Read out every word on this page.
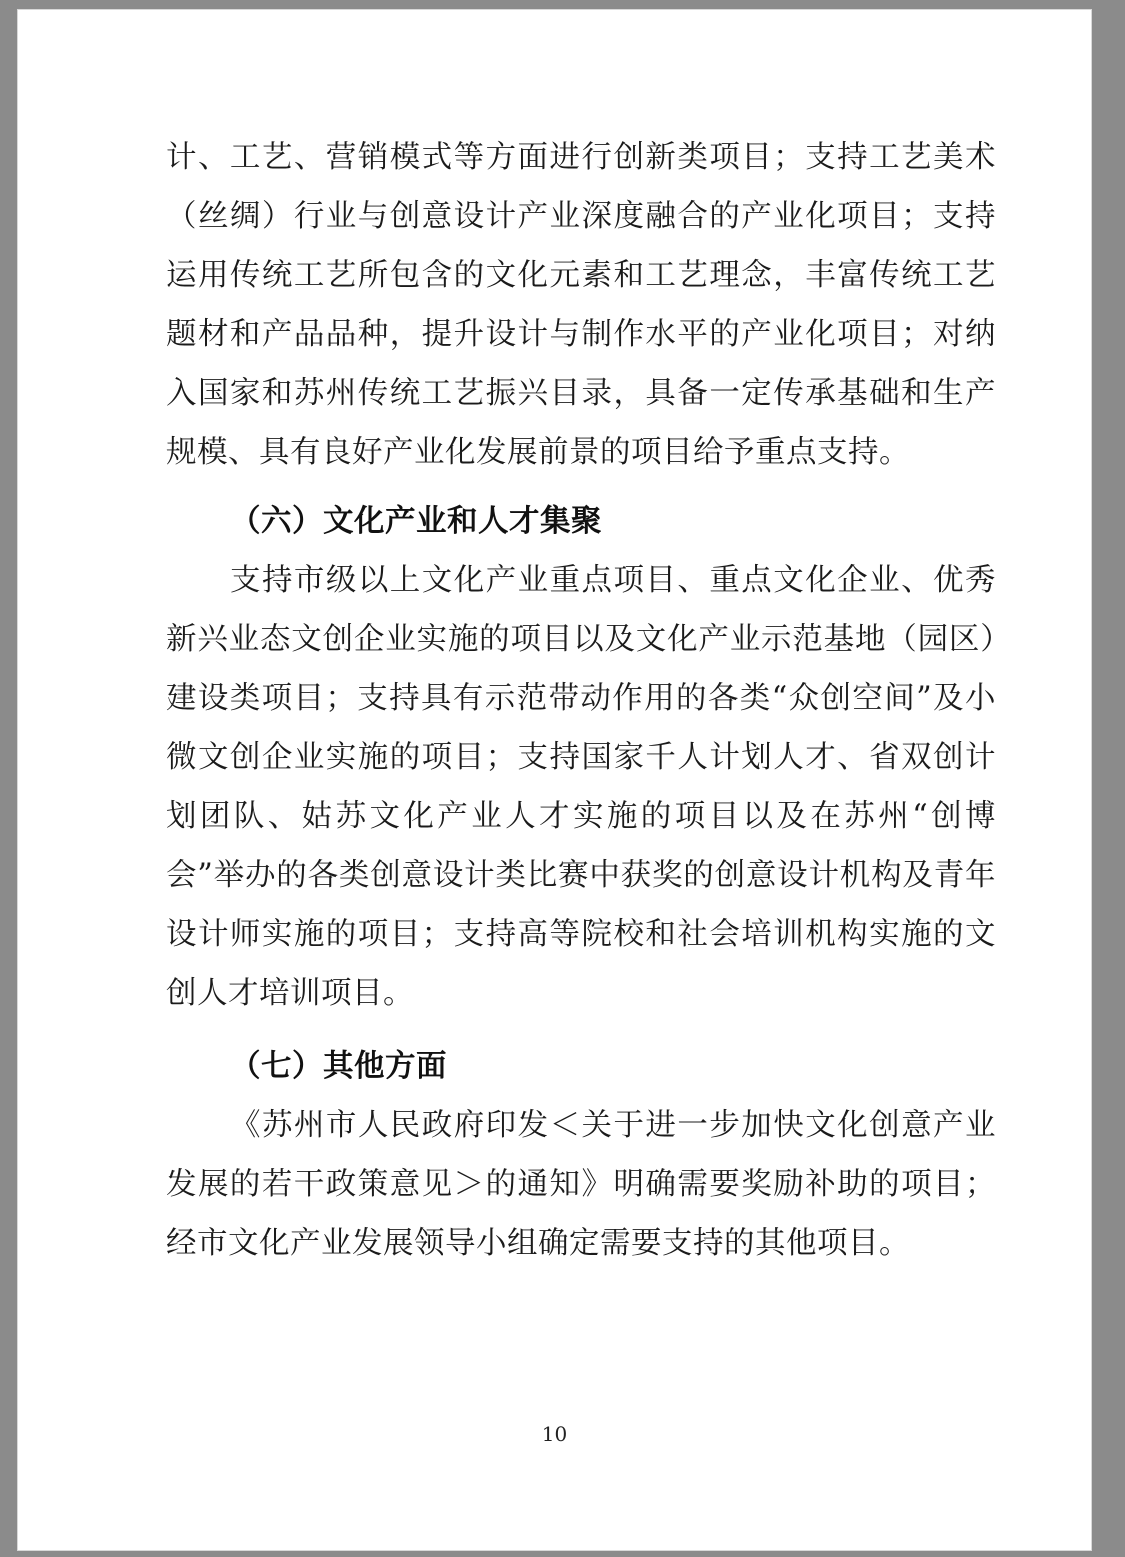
计、工艺、营销模式等方面进行创新类项目；支持工艺美术（丝绸）行业与创意设计产业深度融合的产业化项目；支持运用传统工艺所包含的文化元素和工艺理念，丰富传统工艺题材和产品品种，提升设计与制作水平的产业化项目；对纳入国家和苏州传统工艺振兴目录，具备一定传承基础和生产规模、具有良好产业化发展前景的项目给予重点支持。

（六）文化产业和人才集聚

支持市级以上文化产业重点项目、重点文化企业、优秀新兴业态文创企业实施的项目以及文化产业示范基地（园区）建设类项目；支持具有示范带动作用的各类“众创空间”及小微文创企业实施的项目；支持国家千人计划人才、省双创计划团队、姑苏文化产业人才实施的项目以及在苏州“创博会”举办的各类创意设计类比赛中获奖的创意设计机构及青年设计师实施的项目；支持高等院校和社会培训机构实施的文创人才培训项目。

（七）其他方面

《苏州市人民政府印发＜关于进一步加快文化创意产业发展的若干政策意见＞的通知》明确需要奖励补助的项目；经市文化产业发展领导小组确定需要支持的其他项目。

10
